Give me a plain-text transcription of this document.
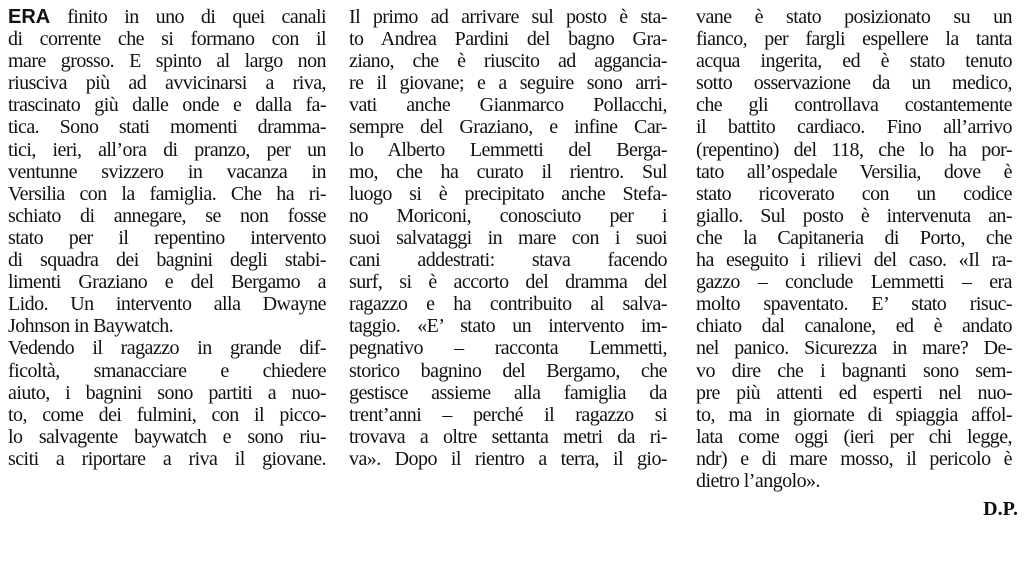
ERA finito in uno di quei canali
di corrente che si formano con il
mare grosso. E spinto al largo non
riusciva più ad avvicinarsi a riva,
trascinato giù dalle onde e dalla fa-
tica. Sono stati momenti dramma-
tici, ieri, all’ora di pranzo, per un
ventunne svizzero in vacanza in
Versilia con la famiglia. Che ha ri-
schiato di annegare, se non fosse
stato per il repentino intervento
di squadra dei bagnini degli stabi-
limenti Graziano e del Bergamo a
Lido. Un intervento alla Dwayne
Johnson in Baywatch.
Vedendo il ragazzo in grande dif-
ficoltà, smanacciare e chiedere
aiuto, i bagnini sono partiti a nuo-
to, come dei fulmini, con il picco-
lo salvagente baywatch e sono riu-
sciti a riportare a riva il giovane.
Il primo ad arrivare sul posto è sta-
to Andrea Pardini del bagno Gra-
ziano, che è riuscito ad aggancia-
re il giovane; e a seguire sono arri-
vati anche Gianmarco Pollacchi,
sempre del Graziano, e infine Car-
lo Alberto Lemmetti del Berga-
mo, che ha curato il rientro. Sul
luogo si è precipitato anche Stefa-
no Moriconi, conosciuto per i
suoi salvataggi in mare con i suoi
cani addestrati: stava facendo
surf, si è accorto del dramma del
ragazzo e ha contribuito al salva-
taggio. «E’ stato un intervento im-
pegnativo – racconta Lemmetti,
storico bagnino del Bergamo, che
gestisce assieme alla famiglia da
trent’anni – perché il ragazzo si
trovava a oltre settanta metri da ri-
va». Dopo il rientro a terra, il gio-
vane è stato posizionato su un
fianco, per fargli espellere la tanta
acqua ingerita, ed è stato tenuto
sotto osservazione da un medico,
che gli controllava costantemente
il battito cardiaco. Fino all’arrivo
(repentino) del 118, che lo ha por-
tato all’ospedale Versilia, dove è
stato ricoverato con un codice
giallo. Sul posto è intervenuta an-
che la Capitaneria di Porto, che
ha eseguito i rilievi del caso. «Il ra-
gazzo – conclude Lemmetti – era
molto spaventato. E’ stato risuc-
chiato dal canalone, ed è andato
nel panico. Sicurezza in mare? De-
vo dire che i bagnanti sono sem-
pre più attenti ed esperti nel nuo-
to, ma in giornate di spiaggia affol-
lata come oggi (ieri per chi legge,
ndr) e di mare mosso, il pericolo è
dietro l’angolo».
D.P.
